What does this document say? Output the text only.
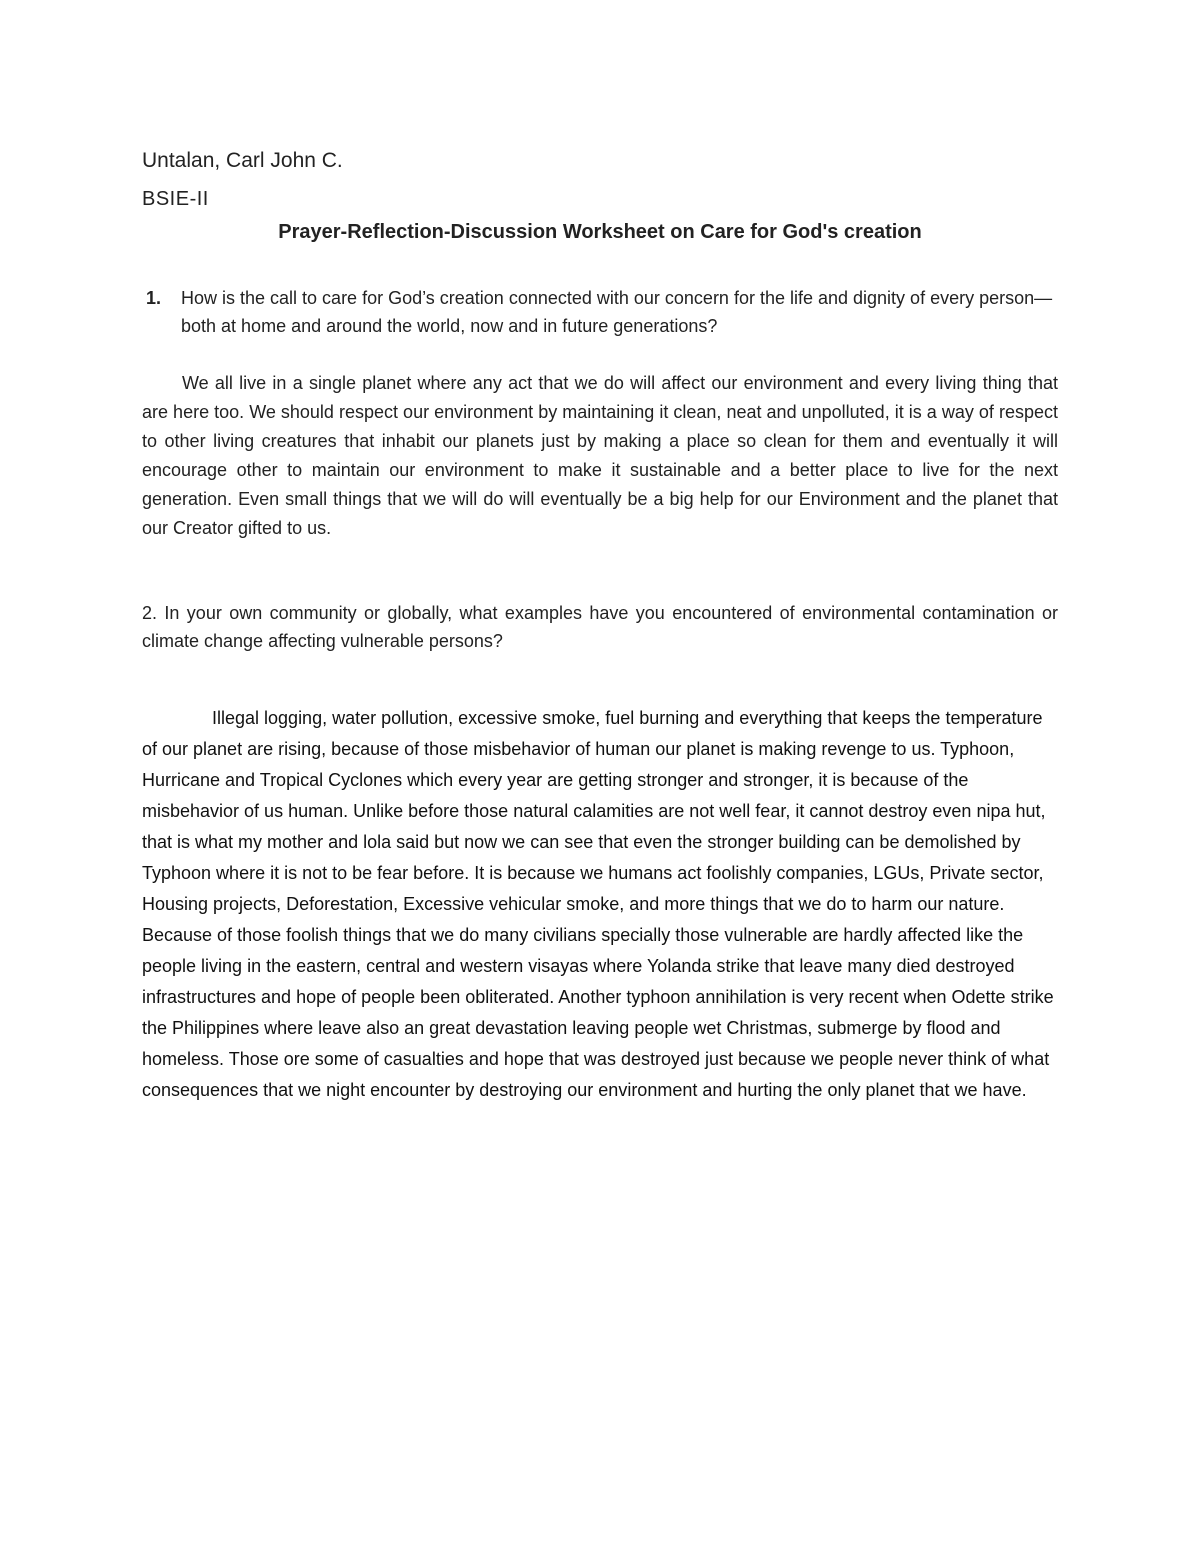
Untalan, Carl John C.
BSIE-II
Prayer-Reflection-Discussion Worksheet on Care for God's creation
1. How is the call to care for God’s creation connected with our concern for the life and dignity of every person—both at home and around the world, now and in future generations?
We all live in a single planet where any act that we do will affect our environment and every living thing that are here too. We should respect our environment by maintaining it clean, neat and unpolluted, it is a way of respect to other living creatures that inhabit our planets just by making a place so clean for them and eventually it will encourage other to maintain our environment to make it sustainable and a better place to live for the next generation. Even small things that we will do will eventually be a big help for our Environment and the planet that our Creator gifted to us.
2. In your own community or globally, what examples have you encountered of environmental contamination or climate change affecting vulnerable persons?
Illegal logging, water pollution, excessive smoke, fuel burning and everything that keeps the temperature of our planet are rising, because of those misbehavior of human our planet is making revenge to us. Typhoon, Hurricane and Tropical Cyclones which every year are getting stronger and stronger, it is because of the misbehavior of us human. Unlike before those natural calamities are not well fear, it cannot destroy even nipa hut, that is what my mother and lola said but now we can see that even the stronger building can be demolished by Typhoon where it is not to be fear before. It is because we humans act foolishly companies, LGUs, Private sector, Housing projects, Deforestation, Excessive vehicular smoke, and more things that we do to harm our nature. Because of those foolish things that we do many civilians specially those vulnerable are hardly affected like the people living in the eastern, central and western visayas where Yolanda strike that leave many died destroyed infrastructures and hope of people been obliterated. Another typhoon annihilation is very recent when Odette strike the Philippines where leave also an great devastation leaving people wet Christmas, submerge by flood and homeless. Those ore some of casualties and hope that was destroyed just because we people never think of what consequences that we night encounter by destroying our environment and hurting the only planet that we have.
